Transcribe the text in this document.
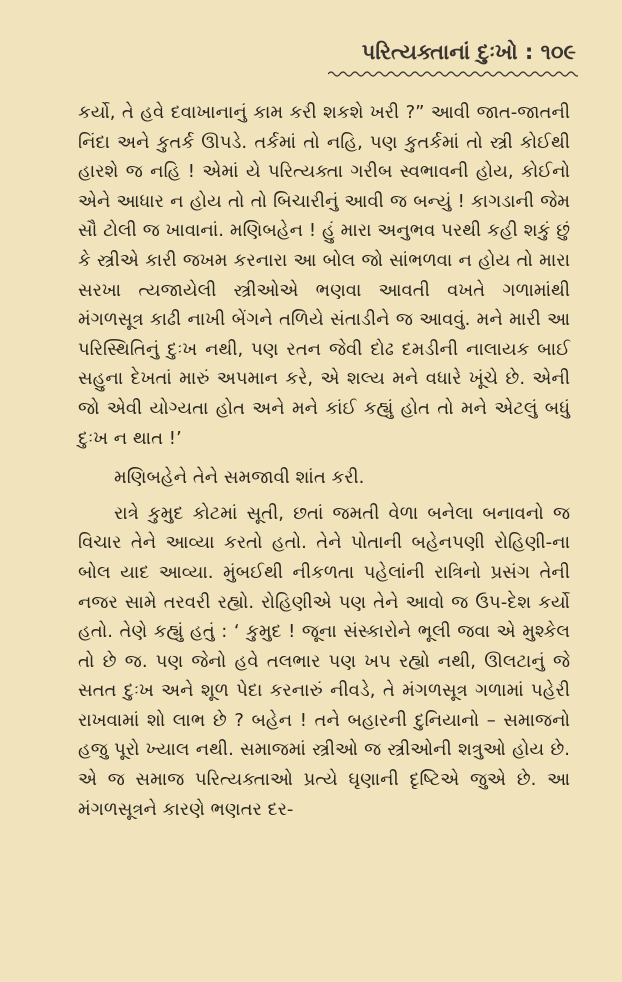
પરિત્યક્તાનાં દુઃખો : ૧૦૯

કર્યો, તે હવે દવાખાનાનું કામ કરી શકશે ખરી ?” આવી જાત-જાતની નિંદા અને કુતર્ક ઊપડે. તર્કમાં તો નહિ, પણ કુતર્કમાં તો સ્ત્રી કોઈથી હારશે જ નહિ ! એમાં યે પરિત્યક્તા ગરીબ સ્વભાવની હોય, કોઈનો એને આધાર ન હોય તો તો બિચારીનું આવી જ બન્યું ! કાગડાની જેમ સૌ ટોલી જ ખાવાનાં. મણિબહેન ! હું મારા અનુભવ પરથી કહી શકું છું કે સ્ત્રીએ કારી જખમ કરનારા આ બોલ જો સાંભળવા ન હોય તો મારા સરખા ત્યજાયેલી સ્ત્રીઓએ ભણવા આવતી વખતે ગળામાંથી મંગળસૂત્ર કાઢી નાખી બેંગને તળિયે સંતાડીને જ આવવું. મને મારી આ પરિસ્થિતિનું દુઃખ નથી, પણ રતન જેવી દોઢ દમડીની નાલાયક બાઈ સહુના દેખતાં મારું અપમાન કરે, એ શલ્ય મને વધારે ખૂંચે છે. એની જો એવી યોગ્યતા હોત અને મને કાંઈ કહ્યું હોત તો મને એટલું બધું દુઃખ ન થાત !’

મણિબહેને તેને સમજાવી શાંત કરી.

રાત્રે કુમુદ કોટમાં સૂતી, છતાં જમતી વેળા બનેલા બનાવનો જ વિચાર તેને આવ્યા કરતો હતો. તેને પોતાની બહેનપણી રોહિણી-ના બોલ યાદ આવ્યા. મુંબઈથી નીકળતા પહેલાંની રાત્રિનો પ્રસંગ તેની નજર સામે તરવરી રહ્યો. રોહિણીએ પણ તેને આવો જ ઉપ-દેશ કર્યો હતો. તેણે કહ્યું હતું : ‘ કુમુદ ! જૂના સંસ્કારોને ભૂલી જવા એ મુશ્કેલ તો છે જ. પણ જેનો હવે તલભાર પણ ખપ રહ્યો નથી, ઊલટાનું જે સતત દુઃખ અને શૂળ પેદા કરનારું નીવડે, તે મંગળસૂત્ર ગળામાં પહેરી રાખવામાં શો લાભ છે ? બહેન ! તને બહારની દુનિયાનો – સમાજનો હજુ પૂરો ખ્યાલ નથી. સમાજમાં સ્ત્રીઓ જ સ્ત્રીઓની શત્રુઓ હોય છે. એ જ સમાજ પરિત્યક્તાઓ પ્રત્યે ઘૃણાની દૃષ્ટિએ જુએ છે. આ મંગળસૂત્રને કારણે ભણતર દર-
